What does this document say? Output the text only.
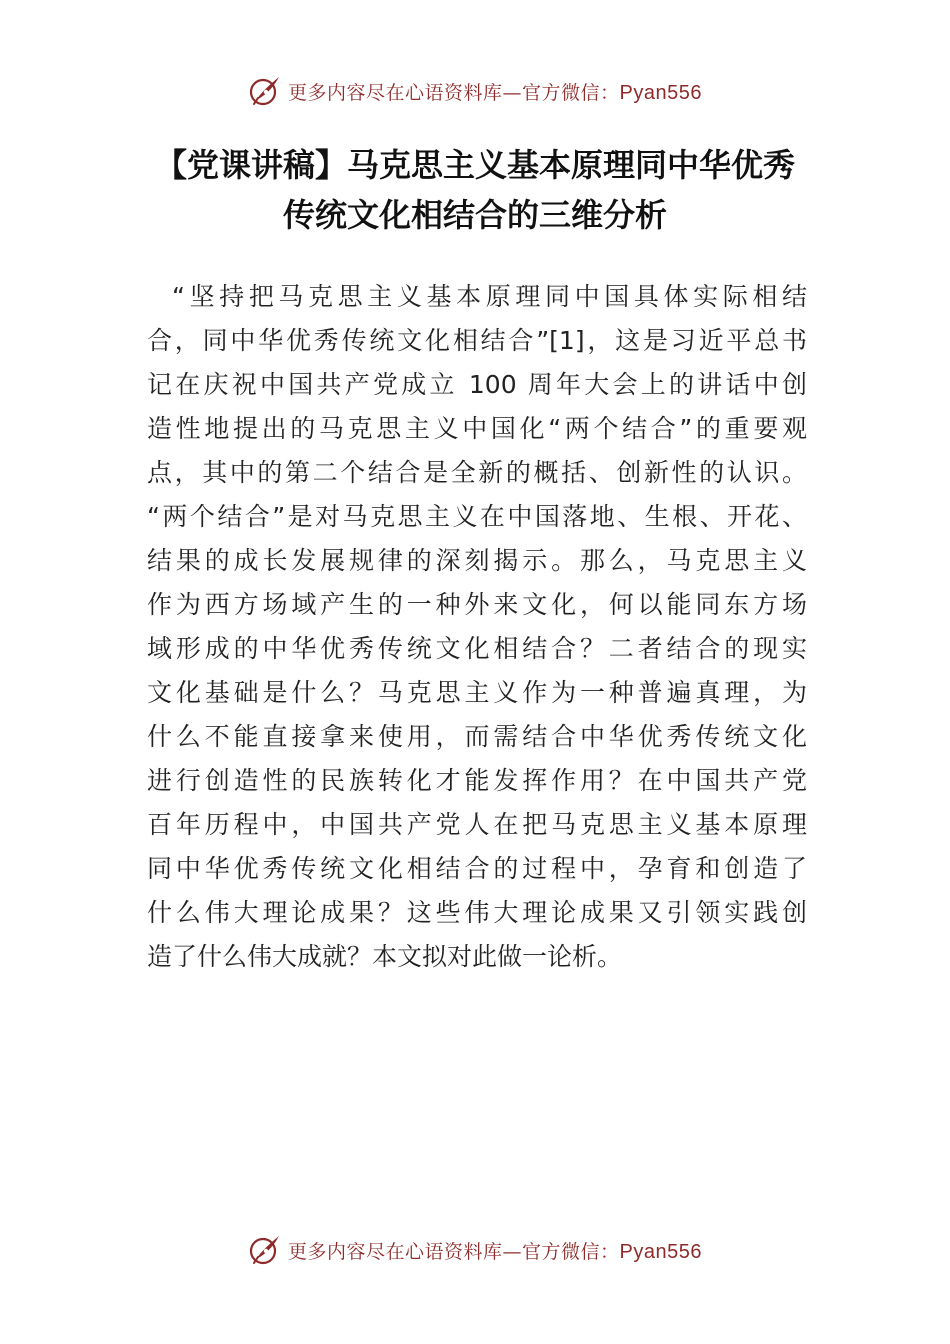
更多内容尽在心语资料库—官方微信：Pyan556
【党课讲稿】马克思主义基本原理同中华优秀
传统文化相结合的三维分析
“坚持把马克思主义基本原理同中国具体实际相结
合，同中华优秀传统文化相结合”[1]，这是习近平总书
记在庆祝中国共产党成立 100 周年大会上的讲话中创
造性地提出的马克思主义中国化“两个结合”的重要观
点，其中的第二个结合是全新的概括、创新性的认识。
“两个结合”是对马克思主义在中国落地、生根、开花、
结果的成长发展规律的深刻揭示。那么，马克思主义
作为西方场域产生的一种外来文化，何以能同东方场
域形成的中华优秀传统文化相结合？二者结合的现实
文化基础是什么？马克思主义作为一种普遍真理，为
什么不能直接拿来使用，而需结合中华优秀传统文化
进行创造性的民族转化才能发挥作用？在中国共产党
百年历程中，中国共产党人在把马克思主义基本原理
同中华优秀传统文化相结合的过程中，孕育和创造了
什么伟大理论成果？这些伟大理论成果又引领实践创
造了什么伟大成就？本文拟对此做一论析。
更多内容尽在心语资料库—官方微信：Pyan556
